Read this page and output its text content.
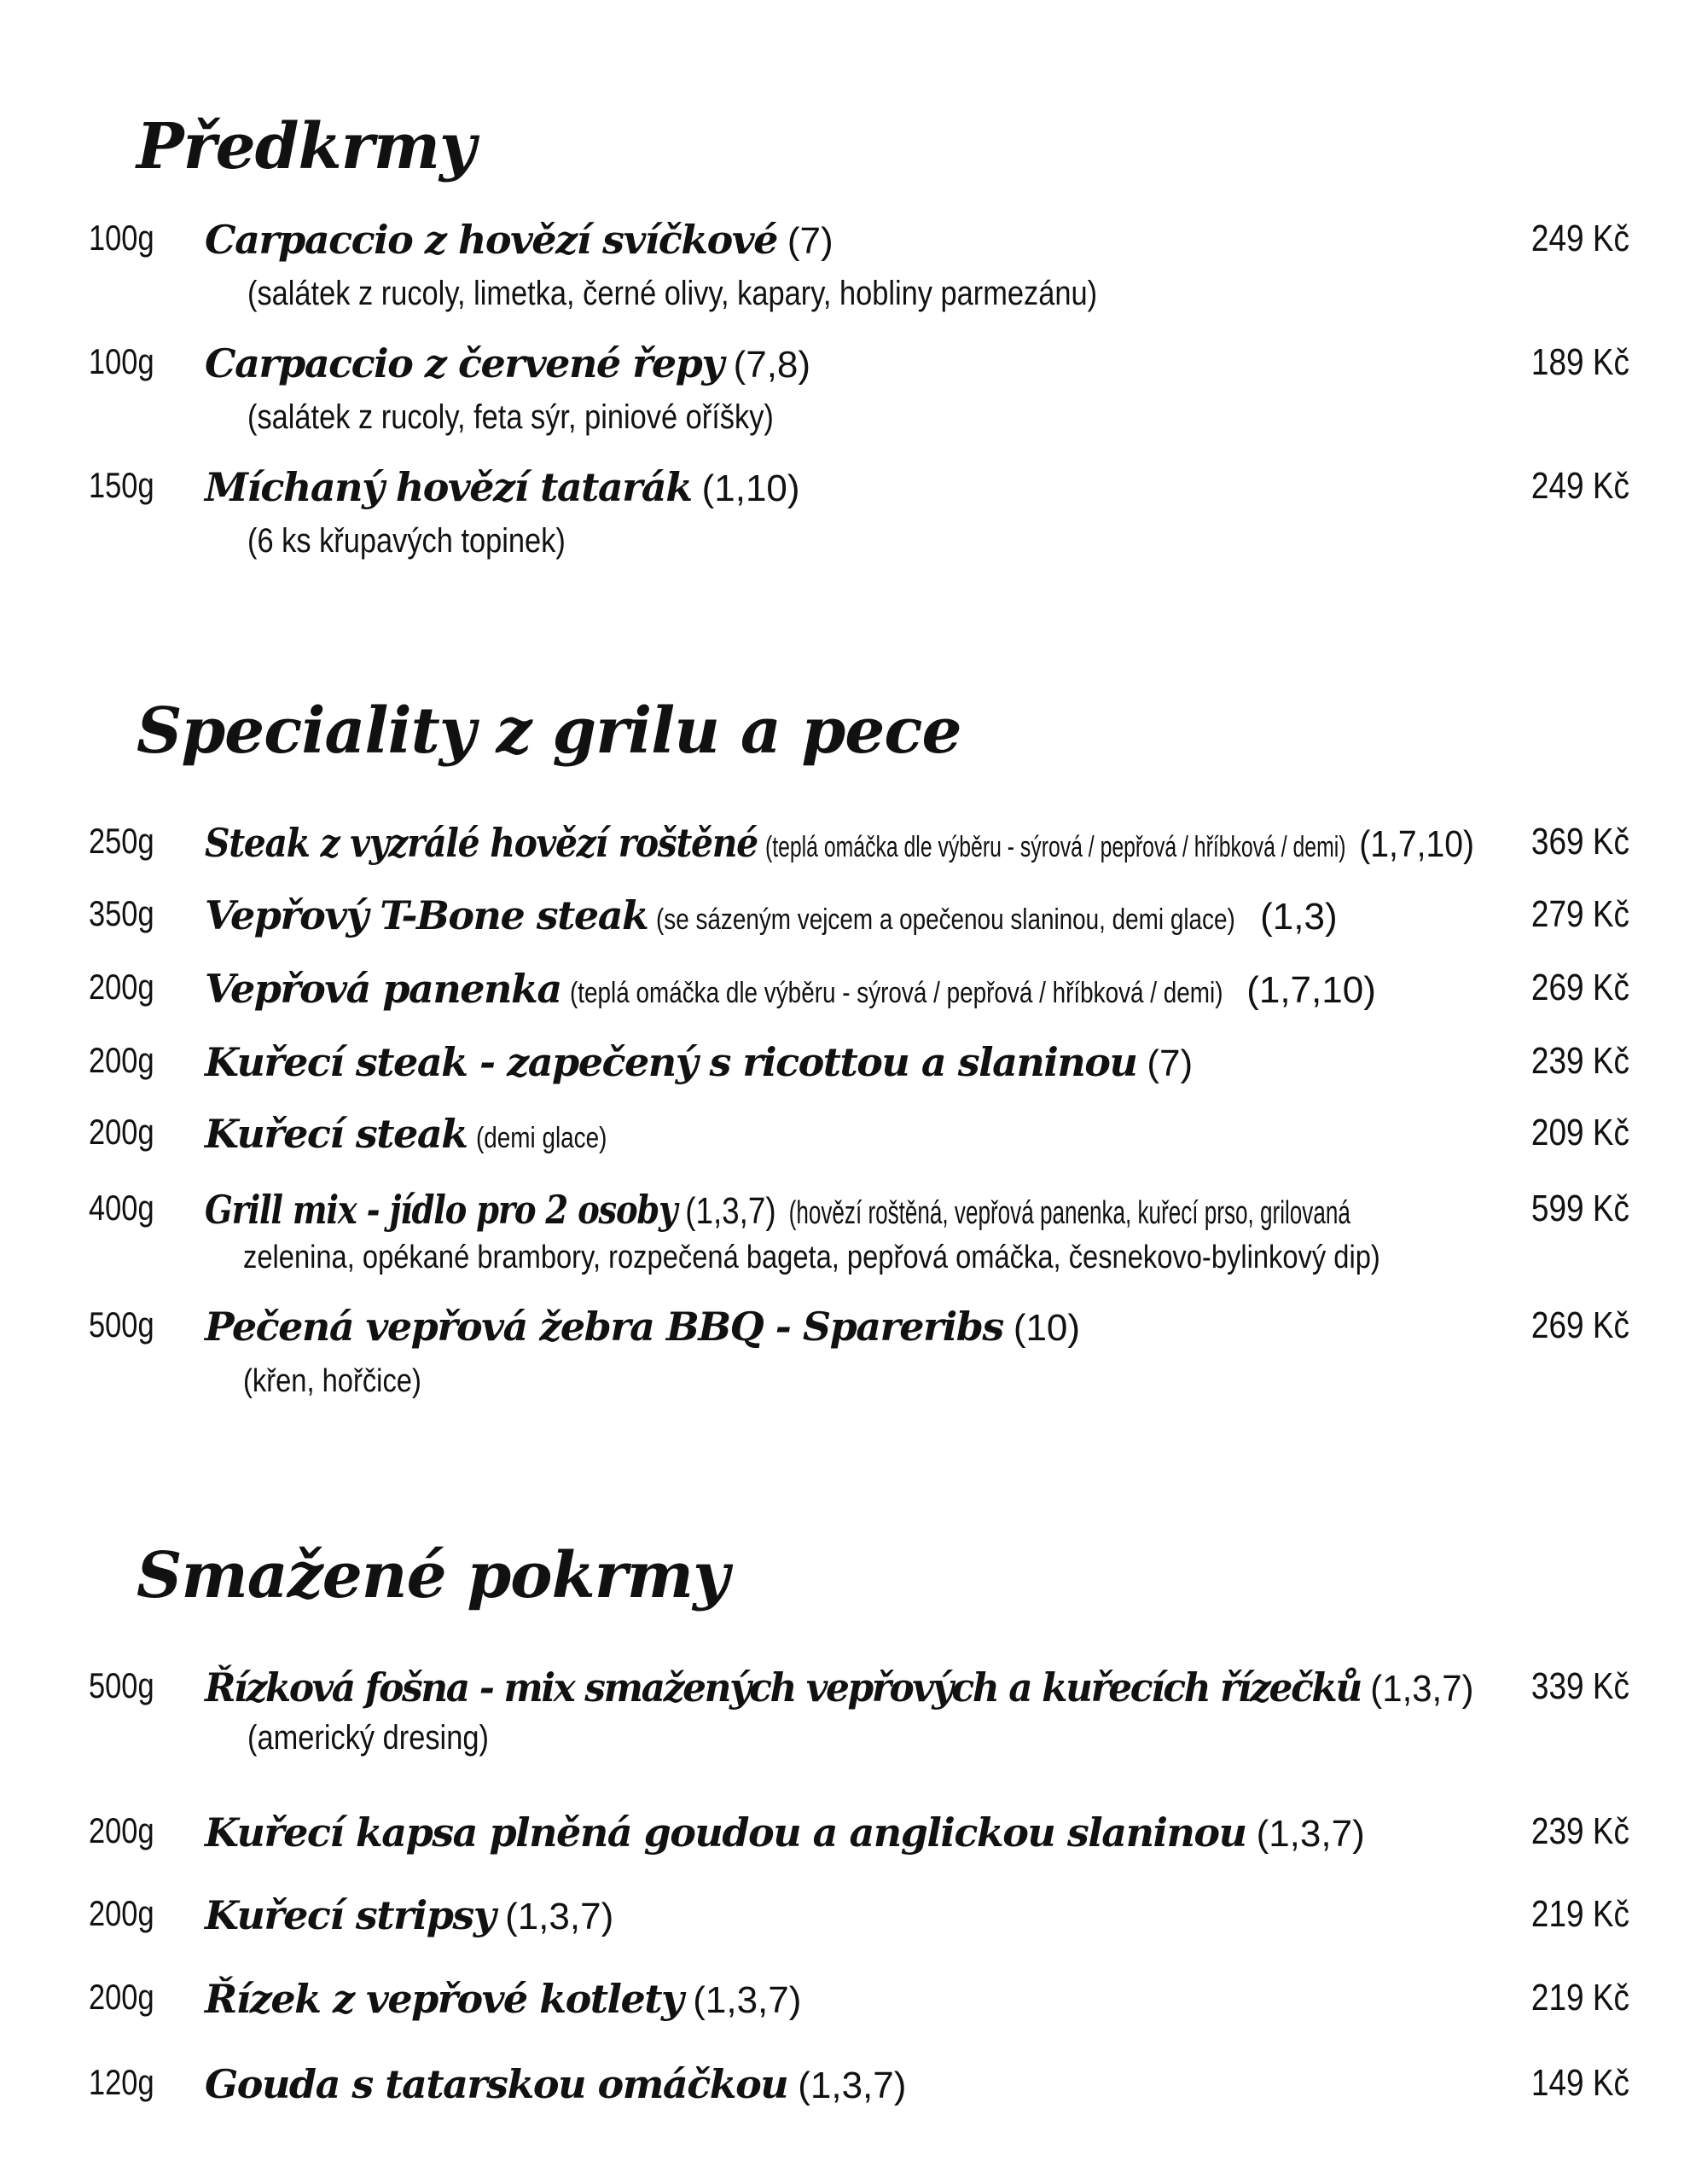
Předkrmy
100g Carpaccio z hovězí svíčkové (7)
(salátek z rucoly, limetka, černé olivy, kapary, hobliny parmezánu)
249 Kč
100g Carpaccio z červené řepy (7,8)
(salátek z rucoly, feta sýr, piniové oříšky)
189 Kč
150g Míchaný hovězí tatarák (1,10)
(6 ks křupavých topinek)
249 Kč
Speciality z grilu a pece
250g Steak z vyzrálé hovězí roštěné (teplá omáčka dle výběru - sýrová / pepřová / hříbková / demi) (1,7,10) 369 Kč
350g Vepřový T-Bone steak (se sázeným vejcem a opečenou slaninou, demi glace) (1,3)	279 Kč
200g Vepřová panenka (teplá omáčka dle výběru - sýrová / pepřová / hříbková / demi) (1,7,10)	269 Kč
200g Kuřecí steak - zapečený s ricottou a slaninou (7)	239 Kč
200g Kuřecí steak (demi glace)	209 Kč
400g Grill mix - jídlo pro 2 osoby (1,3,7) (hovězí roštěná, vepřová panenka, kuřecí prso, grilovaná
zelenina, opékané brambory, rozpečená bageta, pepřová omáčka, česnekovo-bylinkový dip)
599 Kč
500g Pečená vepřová žebra BBQ - Spareribs (10)
(křen, hořčice)
269 Kč
Smažené pokrmy
500g Řízková fošna - mix smažených vepřových a kuřecích řízečků (1,3,7)
(americký dresing)
339 Kč
200g Kuřecí kapsa plněná goudou a anglickou slaninou (1,3,7)	239 Kč
200g Kuřecí stripsy (1,3,7)	219 Kč
200g Řízek z vepřové kotlety (1,3,7)	219 Kč
120g Gouda s tatarskou omáčkou (1,3,7)	149 Kč
